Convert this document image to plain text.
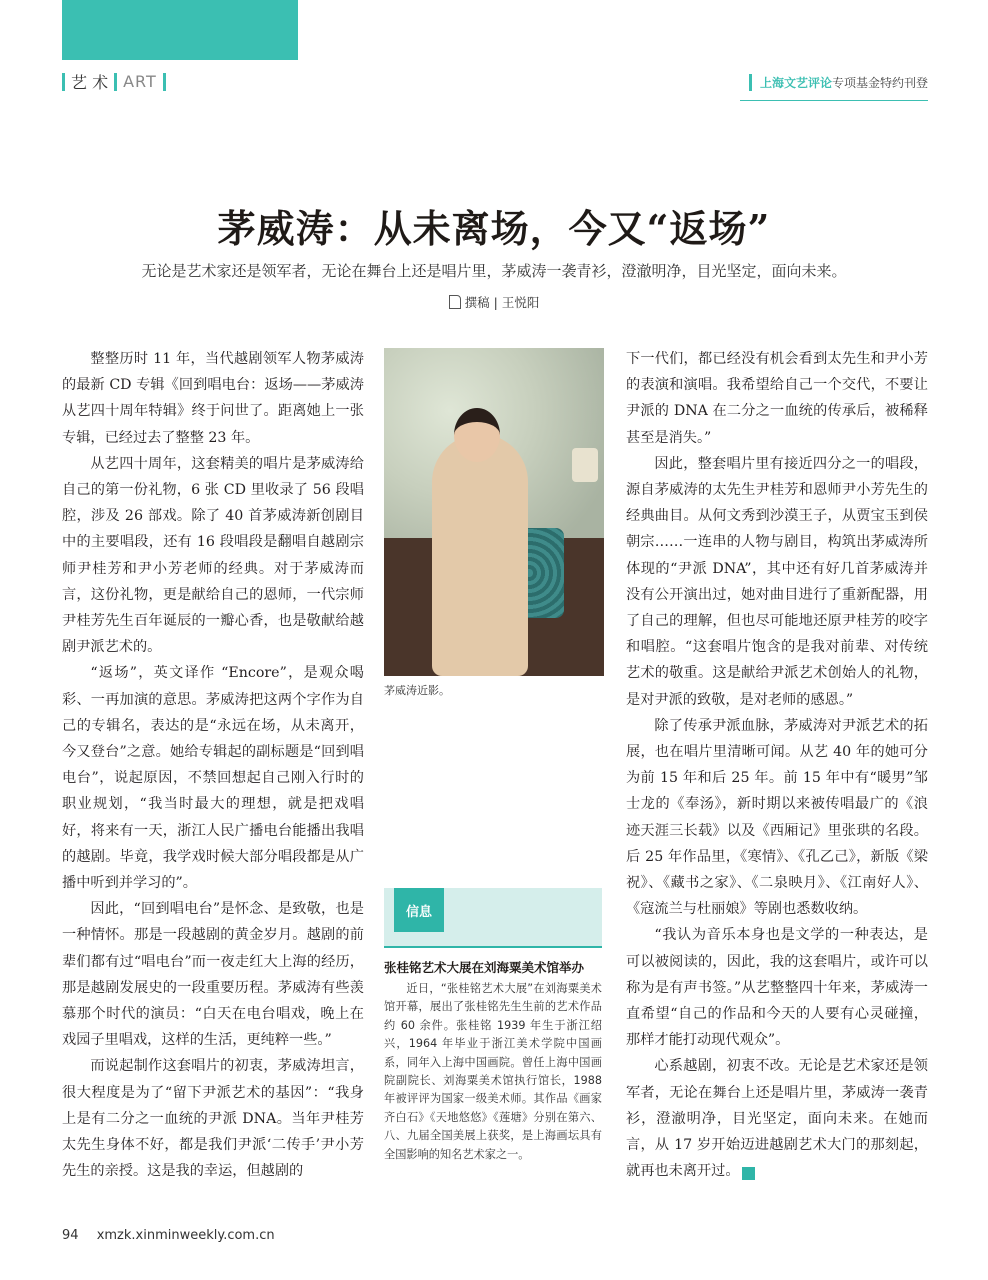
艺 术 ART	上海文艺评论专项基金特约刊登
茅威涛：从未离场，今又“返场”
无论是艺术家还是领军者，无论在舞台上还是唱片里，茅威涛一袭青衫，澄澈明净，目光坚定，面向未来。
撰稿 | 王悦阳

整整历时 11 年，当代越剧领军人物茅威涛的最新 CD 专辑《回到唱电台：返场——茅威涛从艺四十周年特辑》终于问世了。距离她上一张专辑，已经过去了整整 23 年。

从艺四十周年，这套精美的唱片是茅威涛给自己的第一份礼物，6 张 CD 里收录了 56 段唱腔，涉及 26 部戏。除了 40 首茅威涛新创剧目中的主要唱段，还有 16 段唱段是翻唱自越剧宗师尹桂芳和尹小芳老师的经典。对于茅威涛而言，这份礼物，更是献给自己的恩师，一代宗师尹桂芳先生百年诞辰的一瓣心香，也是敬献给越剧尹派艺术的。

“返场”，英文译作 “Encore”，是观众喝彩、一再加演的意思。茅威涛把这两个字作为自己的专辑名，表达的是“永远在场，从未离开，今又登台”之意。她给专辑起的副标题是“回到唱电台”，说起原因，不禁回想起自己刚入行时的职业规划，“我当时最大的理想，就是把戏唱好，将来有一天，浙江人民广播电台能播出我唱的越剧。毕竟，我学戏时候大部分唱段都是从广播中听到并学习的”。

因此，“回到唱电台”是怀念、是致敬，也是一种情怀。那是一段越剧的黄金岁月。越剧的前辈们都有过“唱电台”而一夜走红大上海的经历，那是越剧发展史的一段重要历程。茅威涛有些羡慕那个时代的演员：“白天在电台唱戏，晚上在戏园子里唱戏，这样的生活，更纯粹一些。”

而说起制作这套唱片的初衷，茅威涛坦言，很大程度是为了“留下尹派艺术的基因”：“我身上是有二分之一血统的尹派 DNA。当年尹桂芳太先生身体不好，都是我们尹派‘二传手’尹小芳先生的亲授。这是我的幸运，但越剧的

茅威涛近影。
信息
张桂铭艺术大展在刘海粟美术馆举办

近日，“张桂铭艺术大展”在刘海粟美术馆开幕，展出了张桂铭先生生前的艺术作品约 60 余件。张桂铭 1939 年生于浙江绍兴，1964 年毕业于浙江美术学院中国画系，同年入上海中国画院。曾任上海中国画院副院长、刘海粟美术馆执行馆长，1988 年被评评为国家一级美术师。其作品《画家齐白石》《天地悠悠》《莲塘》分别在第六、八、九届全国美展上获奖，是上海画坛具有全国影响的知名艺术家之一。

下一代们，都已经没有机会看到太先生和尹小芳的表演和演唱。我希望给自己一个交代，不要让尹派的 DNA 在二分之一血统的传承后，被稀释甚至是消失。”

因此，整套唱片里有接近四分之一的唱段，源自茅威涛的太先生尹桂芳和恩师尹小芳先生的经典曲目。从何文秀到沙漠王子，从贾宝玉到侯朝宗……一连串的人物与剧目，构筑出茅威涛所体现的“尹派 DNA”，其中还有好几首茅威涛并没有公开演出过，她对曲目进行了重新配器，用了自己的理解，但也尽可能地还原尹桂芳的咬字和唱腔。“这套唱片饱含的是我对前辈、对传统艺术的敬重。这是献给尹派艺术创始人的礼物，是对尹派的致敬，是对老师的感恩。”

除了传承尹派血脉，茅威涛对尹派艺术的拓展，也在唱片里清晰可闻。从艺 40 年的她可分为前 15 年和后 25 年。前 15 年中有“暖男”邹士龙的《奉汤》，新时期以来被传唱最广的《浪迹天涯三长载》以及《西厢记》里张珙的名段。后 25 年作品里，《寒情》、《孔乙己》，新版《梁祝》、《藏书之家》、《二泉映月》、《江南好人》、《寇流兰与杜丽娘》等剧也悉数收纳。

“我认为音乐本身也是文学的一种表达，是可以被阅读的，因此，我的这套唱片，或许可以称为是有声书签。”从艺整整四十年来，茅威涛一直希望“自己的作品和今天的人要有心灵碰撞，那样才能打动现代观众”。

心系越剧，初衷不改。无论是艺术家还是领军者，无论在舞台上还是唱片里，茅威涛一袭青衫，澄澈明净，目光坚定，面向未来。在她而言，从 17 岁开始迈进越剧艺术大门的那刻起，就再也未离开过。	民

94 xmzk.xinminweekly.com.cn
